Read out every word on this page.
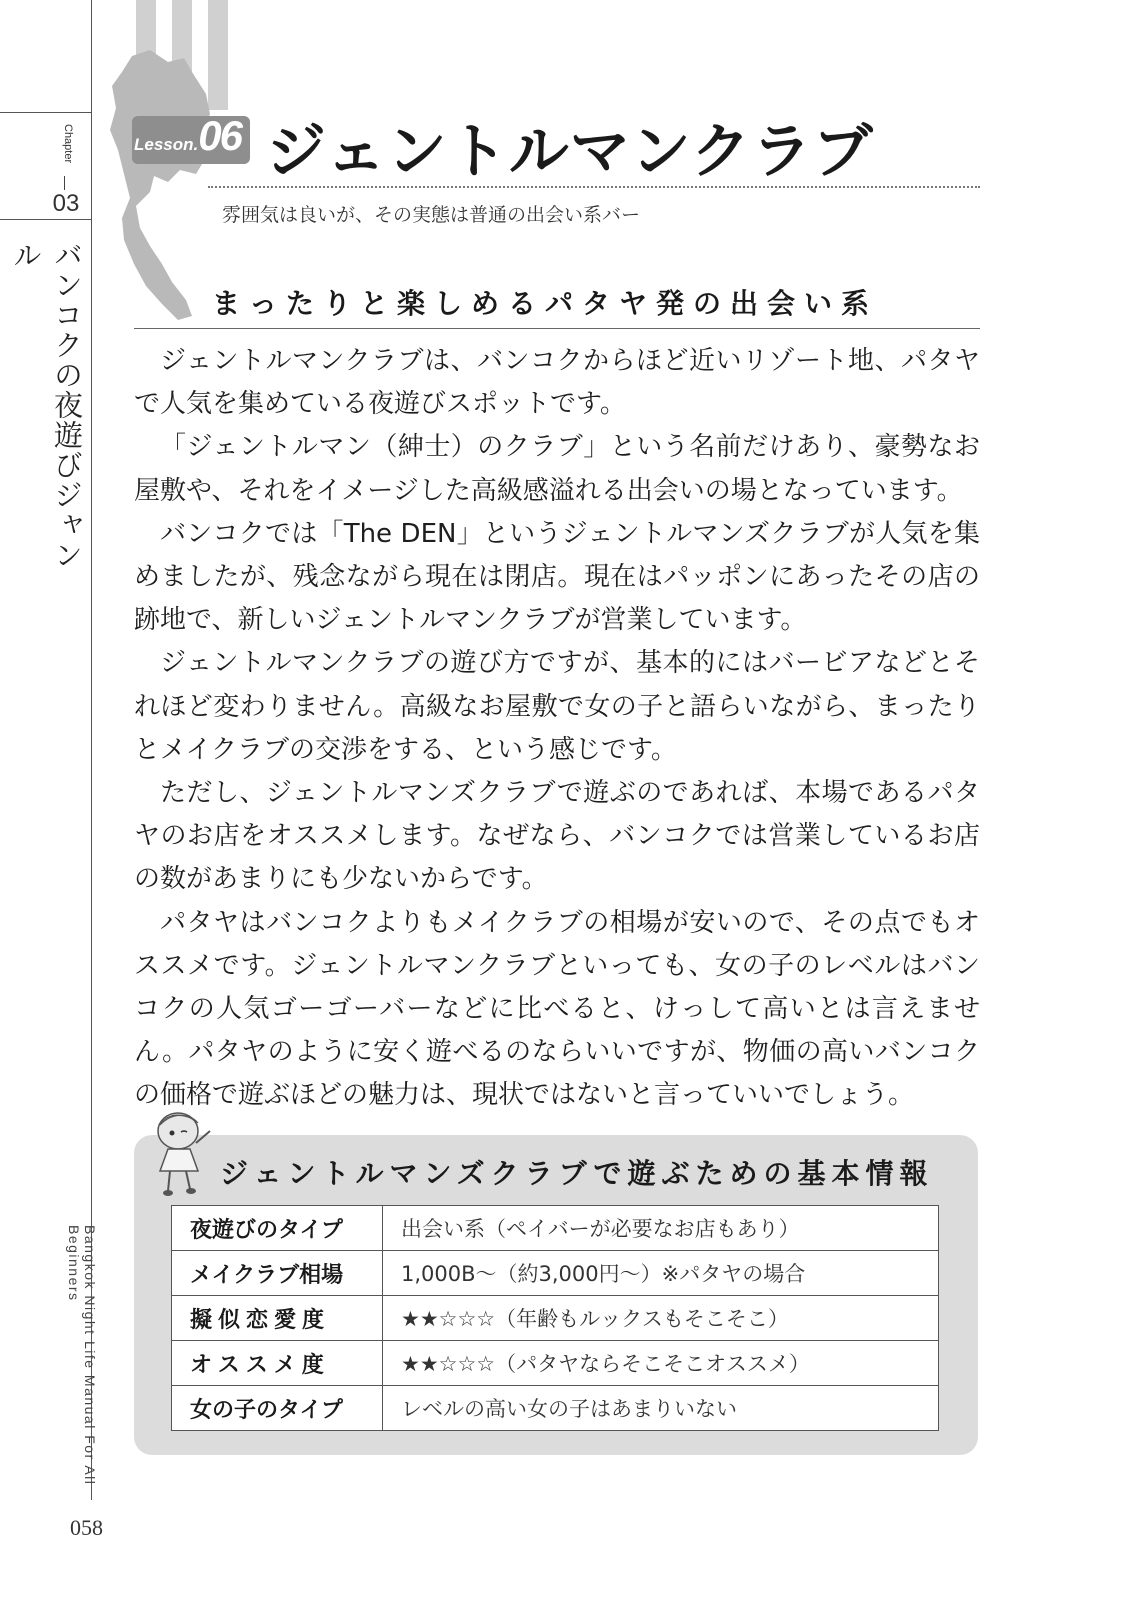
Chapter
03
バンコクの夜遊びジャンル
Bangkok Night Life Manual For All Beginners
058
Lesson.06 ジェントルマンクラブ
雰囲気は良いが、その実態は普通の出会い系バー
まったりと楽しめるパタヤ発の出会い系

ジェントルマンクラブは、バンコクからほど近いリゾート地、パタヤで人気を集めている夜遊びスポットです。

「ジェントルマン（紳士）のクラブ」という名前だけあり、豪勢なお屋敷や、それをイメージした高級感溢れる出会いの場となっています。

バンコクでは「The DEN」というジェントルマンズクラブが人気を集めましたが、残念ながら現在は閉店。現在はパッポンにあったその店の跡地で、新しいジェントルマンクラブが営業しています。

ジェントルマンクラブの遊び方ですが、基本的にはバービアなどとそれほど変わりません。高級なお屋敷で女の子と語らいながら、まったりとメイクラブの交渉をする、という感じです。

ただし、ジェントルマンズクラブで遊ぶのであれば、本場であるパタヤのお店をオススメします。なぜなら、バンコクでは営業しているお店の数があまりにも少ないからです。

パタヤはバンコクよりもメイクラブの相場が安いので、その点でもオススメです。ジェントルマンクラブといっても、女の子のレベルはバンコクの人気ゴーゴーバーなどに比べると、けっして高いとは言えません。パタヤのように安く遊べるのならいいですが、物価の高いバンコクの価格で遊ぶほどの魅力は、現状ではないと言っていいでしょう。

ジェントルマンズクラブで遊ぶための基本情報
夜遊びのタイプ	出会い系（ペイバーが必要なお店もあり）
メイクラブ相場	1,000B～（約3,000円～）※パタヤの場合
擬似恋愛度	★★☆☆☆（年齢もルックスもそこそこ）
オススメ度	★★☆☆☆（パタヤならそこそこオススメ）
女の子のタイプ	レベルの高い女の子はあまりいない
